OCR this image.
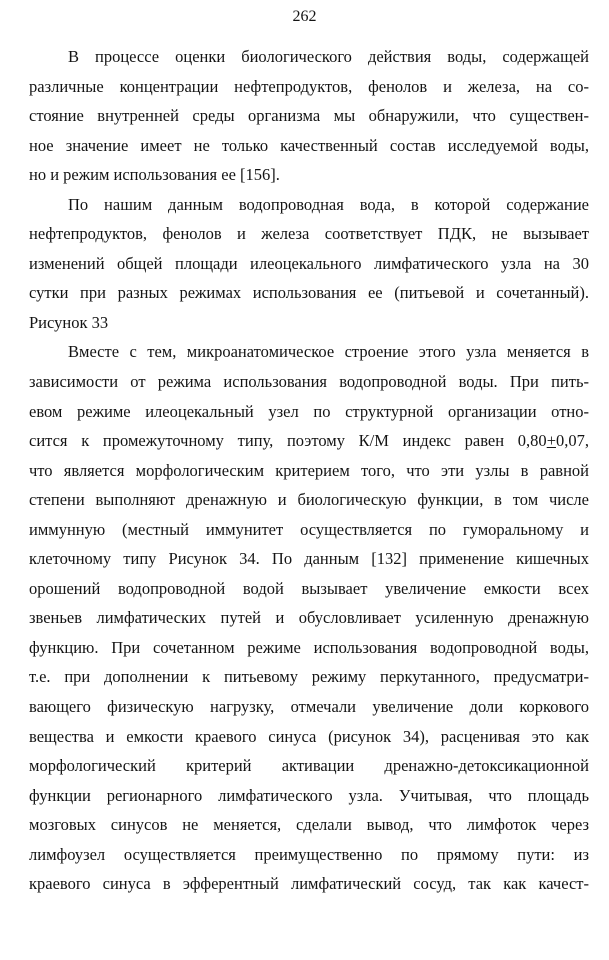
262
В процессе оценки биологического действия воды, содержащей
различные концентрации нефтепродуктов, фенолов и железа, на со-
стояние внутренней среды организма мы обнаружили, что существен-
ное значение имеет не только качественный состав исследуемой воды,
но и режим использования ее [156].
По нашим данным водопроводная вода, в которой содержание
нефтепродуктов, фенолов и железа соответствует ПДК, не вызывает
изменений общей площади илеоцекального лимфатического узла на 30
сутки при разных режимах использования ее (питьевой и сочетанный).
Рисунок 33
Вместе с тем, микроанатомическое строение этого узла меняется в
зависимости от режима использования водопроводной воды. При пить-
евом режиме илеоцекальный узел по структурной организации отно-
сится к промежуточному типу, поэтому К/М индекс равен 0,80+0,07,
что является морфологическим критерием того, что эти узлы в равной
степени выполняют дренажную и биологическую функции, в том числе
иммунную (местный иммунитет осуществляется по гуморальному и
клеточному типу Рисунок 34. По данным [132] применение кишечных
орошений водопроводной водой вызывает увеличение емкости всех
звеньев лимфатических путей и обусловливает усиленную дренажную
функцию. При сочетанном режиме использования водопроводной воды,
т.е. при дополнении к питьевому режиму перкутанного, предусматри-
вающего физическую нагрузку, отмечали увеличение доли коркового
вещества и емкости краевого синуса (рисунок 34), расценивая это как
морфологический критерий активации дренажно-детоксикационной
функции регионарного лимфатического узла. Учитывая, что площадь
мозговых синусов не меняется, сделали вывод, что лимфоток через
лимфоузел осуществляется преимущественно по прямому пути: из
краевого синуса в эфферентный лимфатический сосуд, так как качест-
